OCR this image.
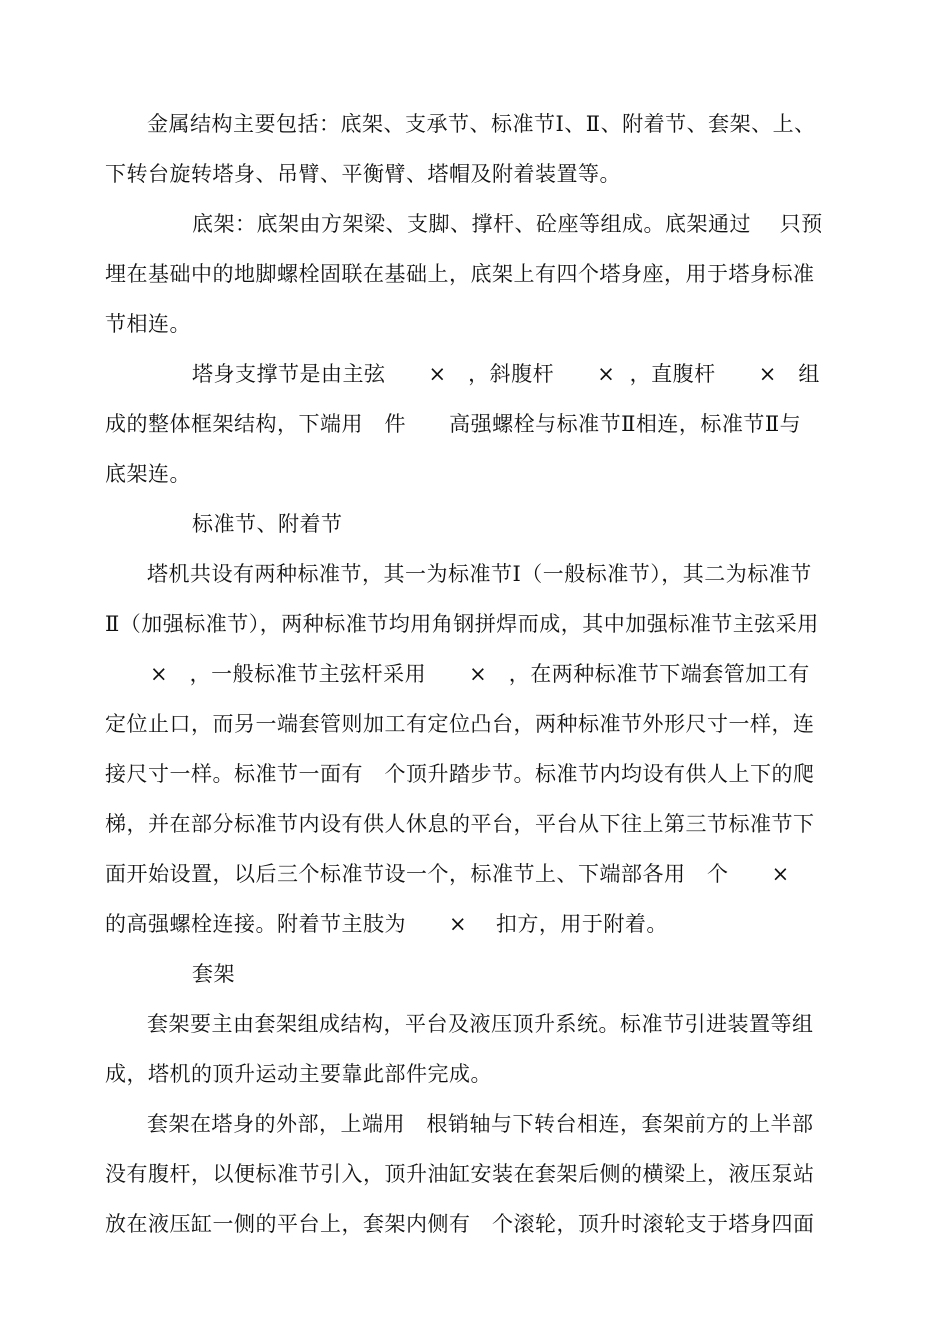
金属结构主要包括：底架、支承节、标准节Ⅰ、Ⅱ、附着节、套架、上、
下转台旋转塔身、吊臂、平衡臂、塔帽及附着装置等。
底架：底架由方架梁、支脚、撑杆、砼座等组成。底架通过    只预
埋在基础中的地脚螺栓固联在基础上，底架上有四个塔身座，用于塔身标准
节相连。
塔身支撑节是由主弦      ×   ，斜腹杆      ×  ，直腹杆      ×   组
成的整体框架结构，下端用   件      高强螺栓与标准节Ⅱ相连，标准节Ⅱ与
底架连。
标准节、附着节
塔机共设有两种标准节，其一为标准节Ⅰ（一般标准节），其二为标准节
Ⅱ（加强标准节），两种标准节均用角钢拼焊而成，其中加强标准节主弦采用
×   ，一般标准节主弦杆采用      ×   ，在两种标准节下端套管加工有
定位止口，而另一端套管则加工有定位凸台，两种标准节外形尺寸一样，连
接尺寸一样。标准节一面有   个顶升踏步节。标准节内均设有供人上下的爬
梯，并在部分标准节内设有供人休息的平台，平台从下往上第三节标准节下
面开始设置，以后三个标准节设一个，标准节上、下端部各用   个      ×
的高强螺栓连接。附着节主肢为      ×    扣方，用于附着。
套架
套架要主由套架组成结构，平台及液压顶升系统。标准节引进装置等组
成，塔机的顶升运动主要靠此部件完成。
套架在塔身的外部，上端用   根销轴与下转台相连，套架前方的上半部
没有腹杆，以便标准节引入，顶升油缸安装在套架后侧的横梁上，液压泵站
放在液压缸一侧的平台上，套架内侧有   个滚轮，顶升时滚轮支于塔身四面
